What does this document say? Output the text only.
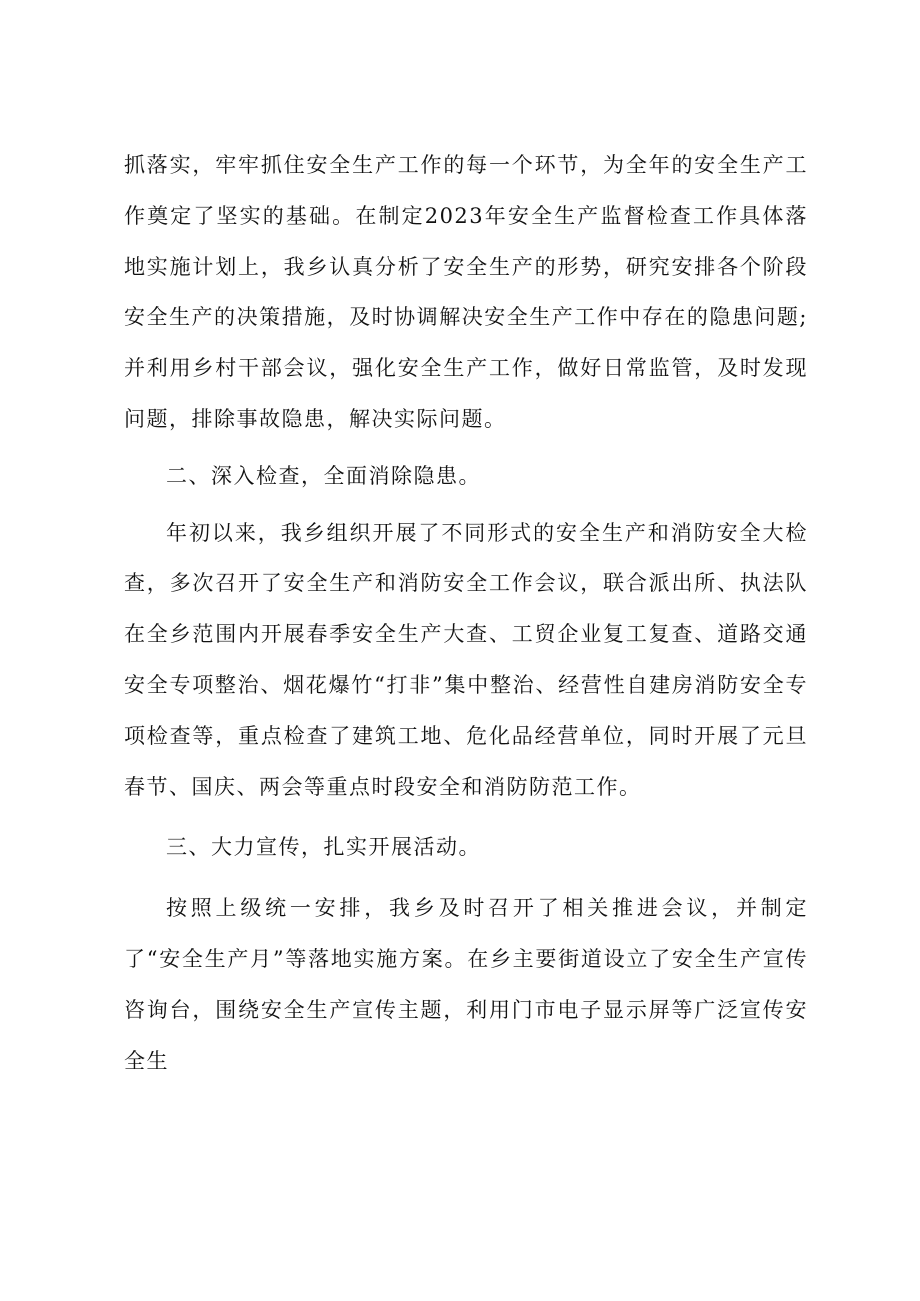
抓落实，牢牢抓住安全生产工作的每一个环节，为全年的安全生产工作奠定了坚实的基础。在制定2023年安全生产监督检查工作具体落地实施计划上，我乡认真分析了安全生产的形势，研究安排各个阶段安全生产的决策措施，及时协调解决安全生产工作中存在的隐患问题;并利用乡村干部会议，强化安全生产工作，做好日常监管，及时发现问题，排除事故隐患，解决实际问题。

二、深入检查，全面消除隐患。

年初以来，我乡组织开展了不同形式的安全生产和消防安全大检查，多次召开了安全生产和消防安全工作会议，联合派出所、执法队在全乡范围内开展春季安全生产大查、工贸企业复工复查、道路交通安全专项整治、烟花爆竹“打非”集中整治、经营性自建房消防安全专项检查等，重点检查了建筑工地、危化品经营单位，同时开展了元旦春节、国庆、两会等重点时段安全和消防防范工作。

三、大力宣传，扎实开展活动。

按照上级统一安排，我乡及时召开了相关推进会议，并制定了“安全生产月”等落地实施方案。在乡主要街道设立了安全生产宣传咨询台，围绕安全生产宣传主题，利用门市电子显示屏等广泛宣传安全生
